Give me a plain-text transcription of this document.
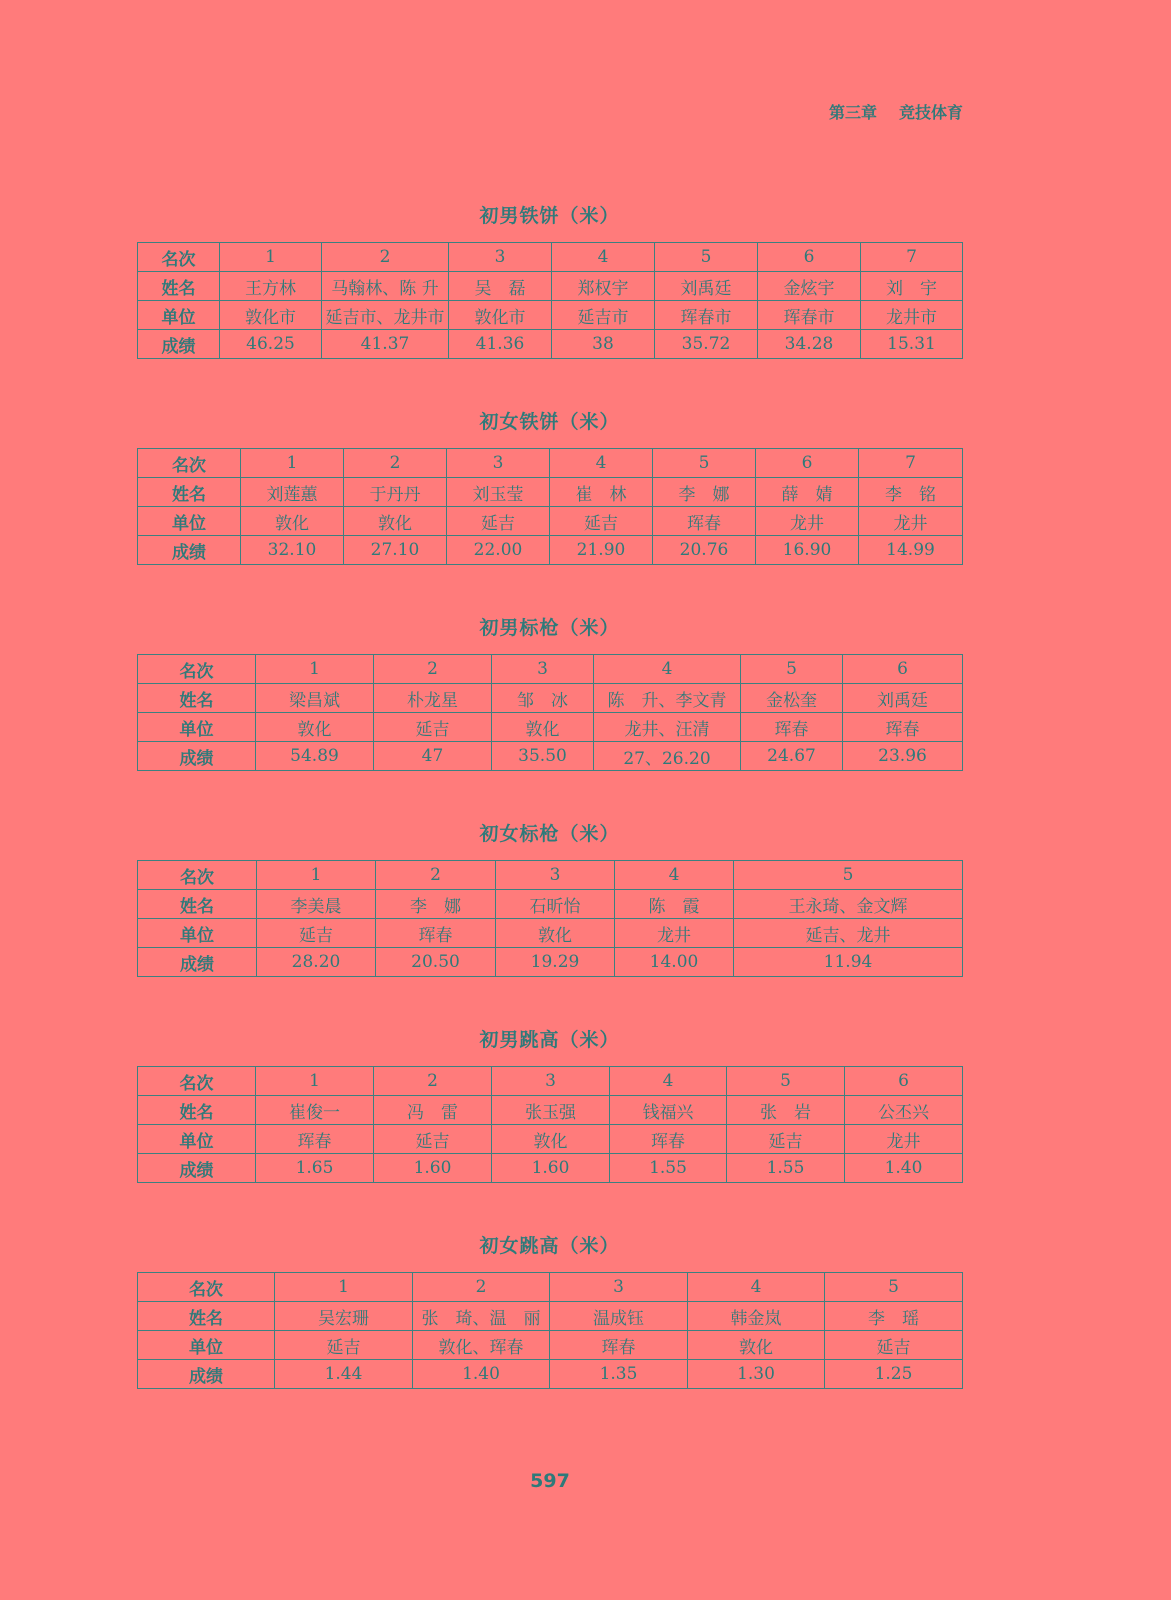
第三章 竞技体育
初男铁饼（米）
名次	1	2	3	4	5	6	7
姓名	王方林	马翰林、陈 升	吴　磊	郑权宇	刘禹廷	金炫宇	刘　宇
单位	敦化市	延吉市、龙井市	敦化市	延吉市	珲春市	珲春市	龙井市
成绩	46.25	41.37	41.36	38	35.72	34.28	15.31
初女铁饼（米）
名次	1	2	3	4	5	6	7
姓名	刘莲蕙	于丹丹	刘玉莹	崔　林	李　娜	薛　婧	李　铭
单位	敦化	敦化	延吉	延吉	珲春	龙井	龙井
成绩	32.10	27.10	22.00	21.90	20.76	16.90	14.99
初男标枪（米）
名次	1	2	3	4	5	6
姓名	梁昌斌	朴龙星	邹　冰	陈　升、李文青	金松奎	刘禹廷
单位	敦化	延吉	敦化	龙井、汪清	珲春	珲春
成绩	54.89	47	35.50	27、26.20	24.67	23.96
初女标枪（米）
名次	1	2	3	4	5
姓名	李美晨	李　娜	石昕怡	陈　霞	王永琦、金文辉
单位	延吉	珲春	敦化	龙井	延吉、龙井
成绩	28.20	20.50	19.29	14.00	11.94
初男跳高（米）
名次	1	2	3	4	5	6
姓名	崔俊一	冯　雷	张玉强	钱福兴	张　岩	公丕兴
单位	珲春	延吉	敦化	珲春	延吉	龙井
成绩	1.65	1.60	1.60	1.55	1.55	1.40
初女跳高（米）
名次	1	2	3	4	5
姓名	吴宏珊	张　琦、温　丽	温成钰	韩金岚	李　瑶
单位	延吉	敦化、珲春	珲春	敦化	延吉
成绩	1.44	1.40	1.35	1.30	1.25
597
